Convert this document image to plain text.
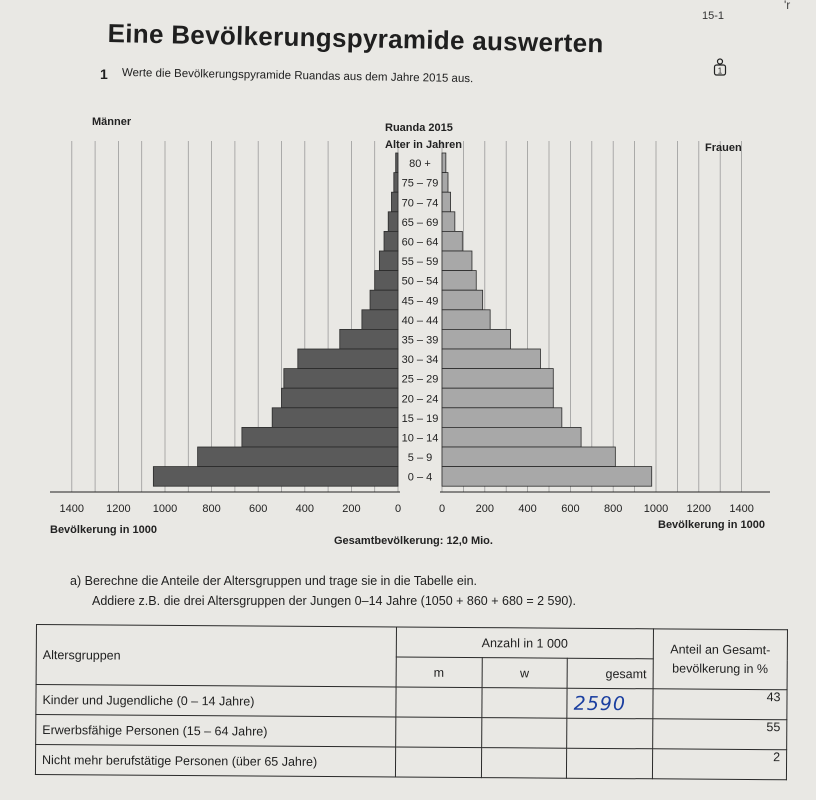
15-1
'r
Eine Bevölkerungspyramide auswerten
1 Werte die Bevölkerungspyramide Ruandas aus dem Jahre 2015 aus.	1
80 +
75 – 79
70 – 74
65 – 69
60 – 64
55 – 59
50 – 54
45 – 49
40 – 44
35 – 39
30 – 34
25 – 29
20 – 24
15 – 19
10 – 14
5 – 9
0 – 4
1400 1200 1000 800	600	400	200	0	0	200 400 600 800 1000 1200 1400
Männer	Ruanda 2015
Alter in Jahren	Frauen
Bevölkerung in 1000	Bevölkerung in 1000
Gesamtbevölkerung: 12,0 Mio.
a) Berechne die Anteile der Altersgruppen und trage sie in die Tabelle ein.
Addiere z.B. die drei Altersgruppen der Jungen 0–14 Jahre (1050 + 860 + 680 = 2 590).
Altersgruppen	Anzahl in 1 000			Anteil an Gesamt-bevölkerung in %
	m	w	gesamt	
Kinder und Jugendliche (0 – 14 Jahre)			2590	43
Erwerbsfähige Personen (15 – 64 Jahre)				55
Nicht mehr berufstätige Personen (über 65 Jahre)				2
